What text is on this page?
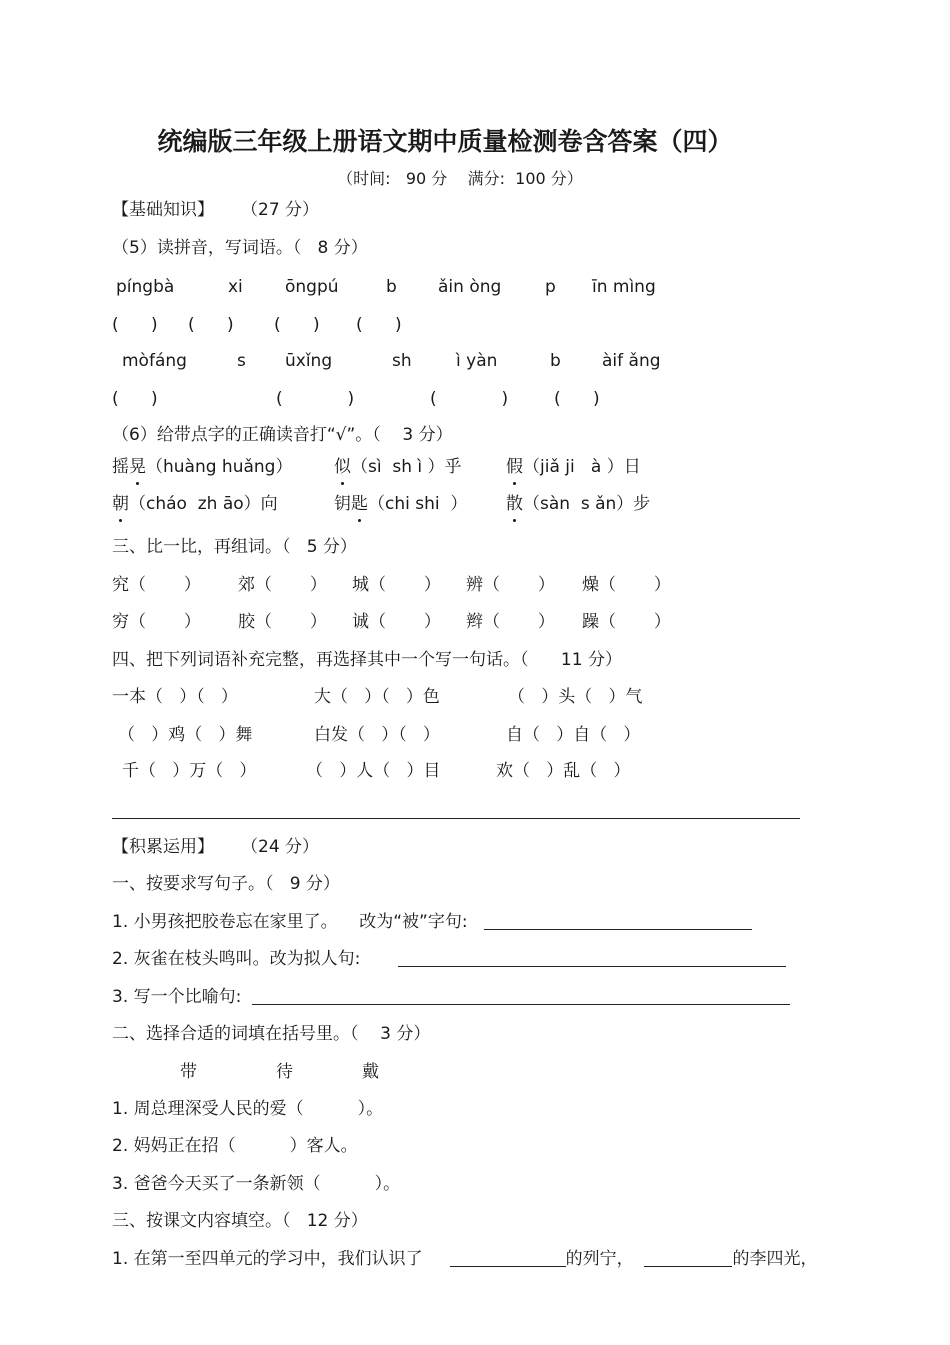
统编版三年级上册语文期中质量检测卷含答案（四）
（时间:   90 分    满分:  100 分）
【基础知识】     （27 分）
（5）读拼音，写词语。（   8 分）
píngbà	xi ōngpú	b ǎin òng	p īn mìng
(      ) (      ) (      ) (      )
mòfáng	s ūxǐng	sh	ì yàn	b àif ǎng
(      )	(            )	(            )	(      )
（6）给带点字的正确读音打“√”。（    3 分）
摇晃（huàng huǎng） 似（sì  sh ì ）乎	假（jiǎ ji   à ）日
朝（cháo  zh āo）向	钥匙（chi shi  ） 散（sàn  s ǎn）步
三、比一比，再组词。（   5 分）
究（       ） 郊（       ） 城（       ） 辨（       ） 燥（       ）
穷（       ） 胶（       ） 诚（       ） 辫（       ） 躁（       ）
四、把下列词语补充完整，再选择其中一个写一句话。（      11 分）
一本（   ）（   ）	大（   ）（   ）色	（   ）头（   ）气
（   ）鸡（   ）舞	白发（   ）（   ）	自（   ）自（   ）
千（   ）万（   ）	（   ）人（   ）目	欢（   ）乱（   ）
【积累运用】     （24 分）
一、按要求写句子。（   9 分）
1. 小男孩把胶卷忘在家里了。    改为“被”字句:
2. 灰雀在枝头鸣叫。改为拟人句:
3. 写一个比喻句:
二、选择合适的词填在括号里。（    3 分）
带	待	戴
1. 周总理深受人民的爱（          ）。
2. 妈妈正在招（          ）客人。
3. 爸爸今天买了一条新领（          ）。
三、按课文内容填空。（   12 分）
1. 在第一至四单元的学习中，我们认识了	的列宁，	的李四光，
